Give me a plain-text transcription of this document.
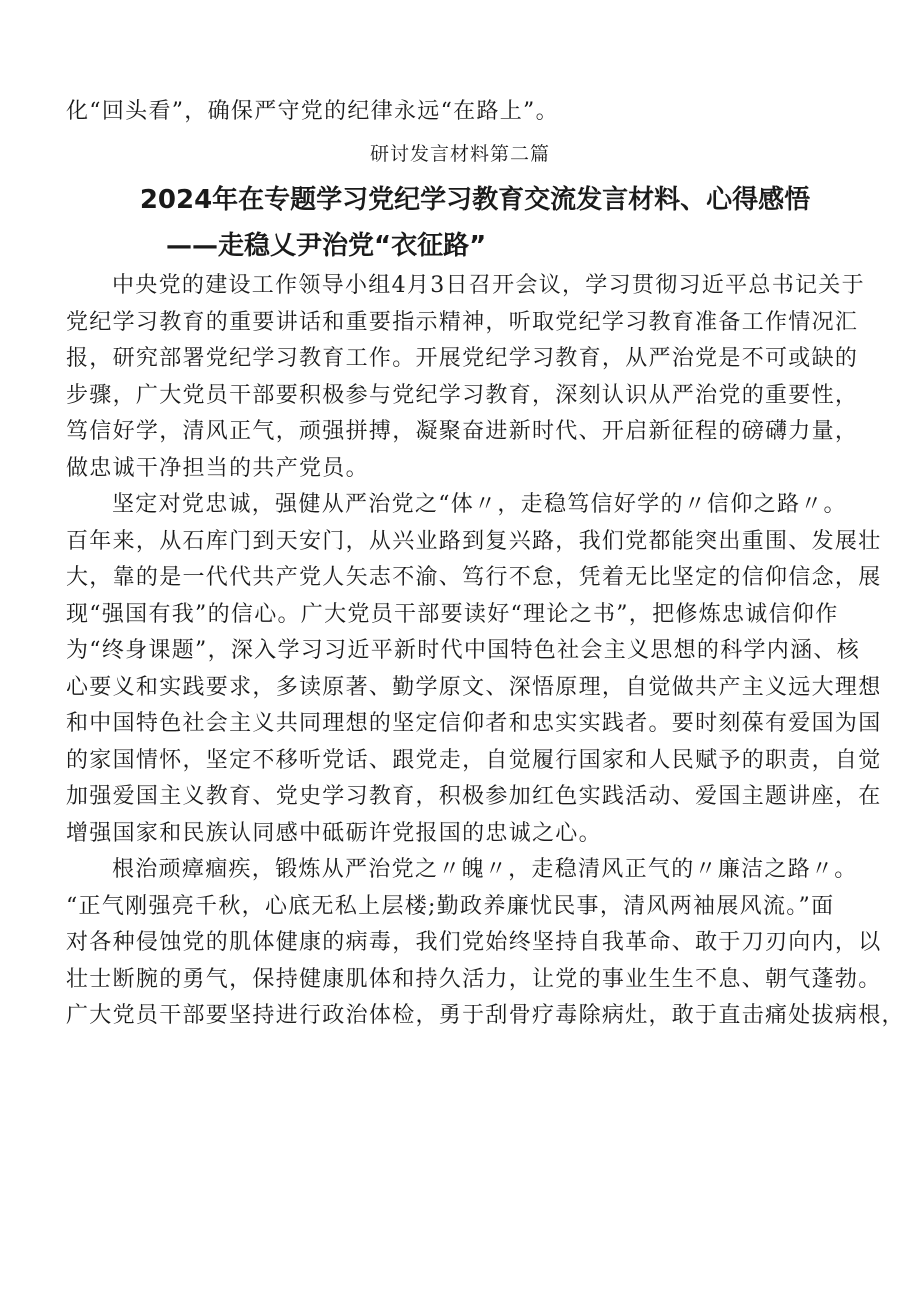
化“回头看”，确保严守党的纪律永远“在路上”。

研讨发言材料第二篇

2024年在专题学习党纪学习教育交流发言材料、心得感悟
——走稳乂尹治党“衣征路”

中央党的建设工作领导小组4月3日召开会议，学习贯彻习近平总书记关于
党纪学习教育的重要讲话和重要指示精神，听取党纪学习教育准备工作情况汇
报，研究部署党纪学习教育工作。开展党纪学习教育，从严治党是不可或缺的
步骤，广大党员干部要积极参与党纪学习教育，深刻认识从严治党的重要性，
笃信好学，清风正气，顽强拼搏，凝聚奋进新时代、开启新征程的磅礴力量，
做忠诚干净担当的共产党员。

坚定对党忠诚，强健从严治党之“体〃，走稳笃信好学的〃信仰之路〃。
百年来，从石库门到天安门，从兴业路到复兴路，我们党都能突出重围、发展壮
大，靠的是一代代共产党人矢志不渝、笃行不怠，凭着无比坚定的信仰信念，展
现“强国有我”的信心。广大党员干部要读好“理论之书”，把修炼忠诚信仰作
为“终身课题”，深入学习习近平新时代中国特色社会主义思想的科学内涵、核
心要义和实践要求，多读原著、勤学原文、深悟原理，自觉做共产主义远大理想
和中国特色社会主义共同理想的坚定信仰者和忠实实践者。要时刻葆有爱国为国
的家国情怀，坚定不移听党话、跟党走，自觉履行国家和人民赋予的职责，自觉
加强爱国主义教育、党史学习教育，积极参加红色实践活动、爱国主题讲座，在
增强国家和民族认同感中砥砺许党报国的忠诚之心。

根治顽瘴痼疾，锻炼从严治党之〃魄〃，走稳清风正气的〃廉洁之路〃。
“正气刚强亮千秋，心底无私上层楼;勤政养廉忧民事，清风两袖展风流。”面
对各种侵蚀党的肌体健康的病毒，我们党始终坚持自我革命、敢于刀刃向内，以
壮士断腕的勇气，保持健康肌体和持久活力，让党的事业生生不息、朝气蓬勃。
广大党员干部要坚持进行政治体检，勇于刮骨疗毒除病灶，敢于直击痛处拔病根，
